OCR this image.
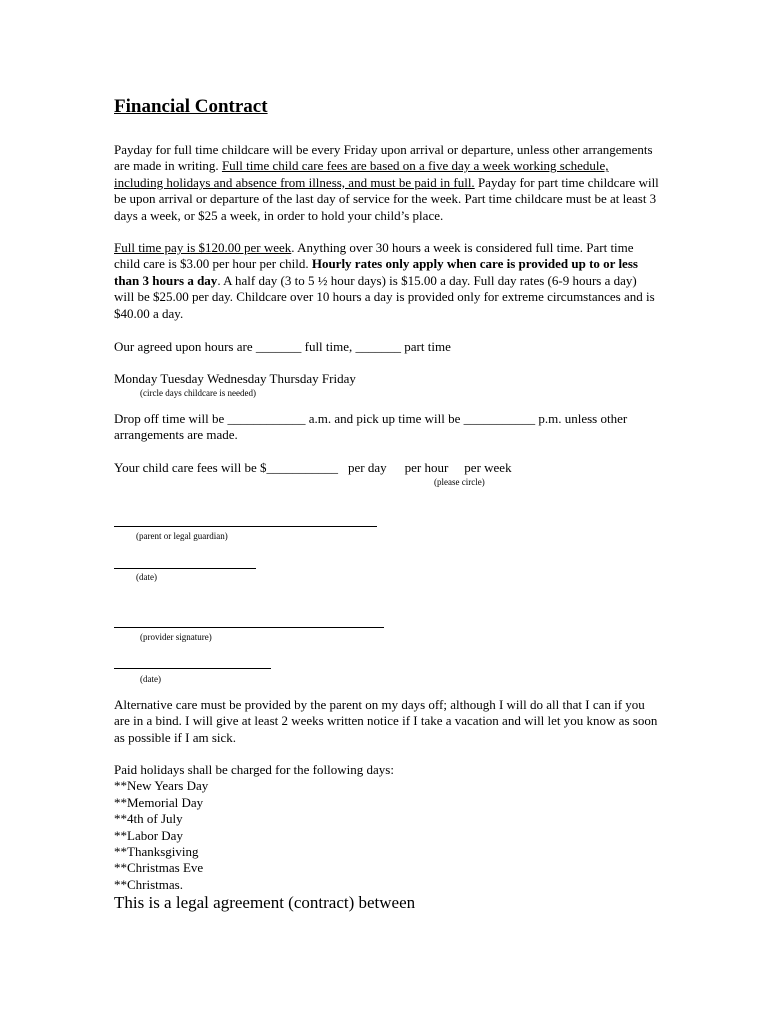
Financial Contract

Payday for full time childcare will be every Friday upon arrival or departure, unless other arrangements are made in writing. Full time child care fees are based on a five day a week working schedule, including holidays and absence from illness, and must be paid in full. Payday for part time childcare will be upon arrival or departure of the last day of service for the week. Part time childcare must be at least 3 days a week, or $25 a week, in order to hold your child’s place.

Full time pay is $120.00 per week. Anything over 30 hours a week is considered full time. Part time child care is $3.00 per hour per child. Hourly rates only apply when care is provided up to or less than 3 hours a day. A half day (3 to 5 ½ hour days) is $15.00 a day. Full day rates (6-9 hours a day) will be $25.00 per day. Childcare over 10 hours a day is provided only for extreme circumstances and is $40.00 a day.

Our agreed upon hours are _______ full time, _______ part time

Monday Tuesday Wednesday Thursday Friday

(circle days childcare is needed)

Drop off time will be ____________ a.m. and pick up time will be ___________ p.m. unless other arrangements are made.

Your child care fees will be $___________ per day per hour per week

(please circle)

(parent or legal guardian)

(date)

(provider signature)

(date)

Alternative care must be provided by the parent on my days off; although I will do all that I can if you are in a bind. I will give at least 2 weeks written notice if I take a vacation and will let you know as soon as possible if I am sick.

Paid holidays shall be charged for the following days:
**New Years Day
**Memorial Day
**4th of July
**Labor Day
**Thanksgiving
**Christmas Eve
**Christmas.

This is a legal agreement (contract) between
